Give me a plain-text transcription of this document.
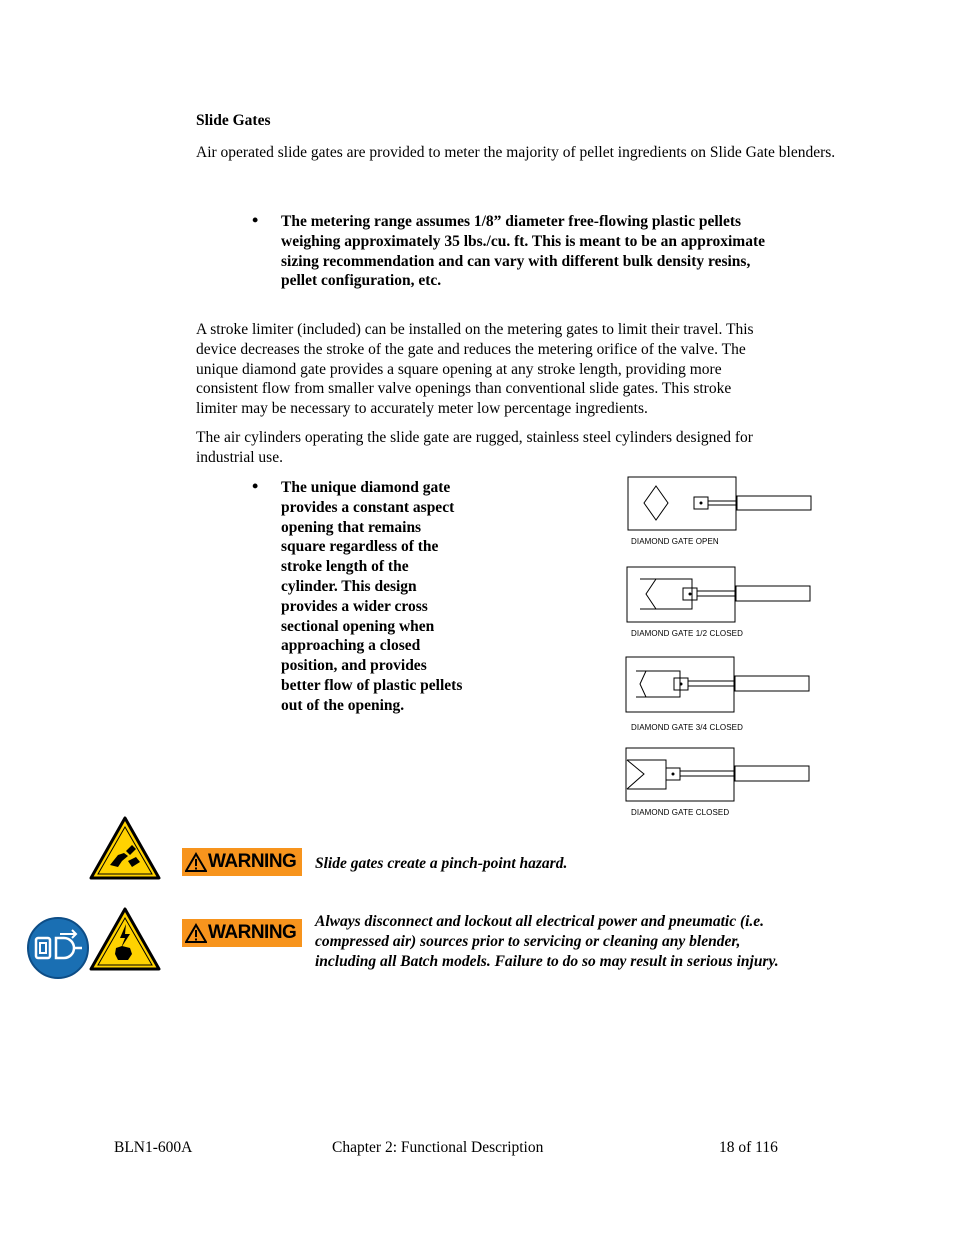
Slide Gates
Air operated slide gates are provided to meter the majority of pellet ingredients on Slide Gate blenders.
• The metering range assumes 1/8” diameter free-flowing plastic pellets
weighing approximately 35 lbs./cu. ft. This is meant to be an approximate
sizing recommendation and can vary with different bulk density resins,
pellet configuration, etc.
A stroke limiter (included) can be installed on the metering gates to limit their travel. This
device decreases the stroke of the gate and reduces the metering orifice of the valve. The
unique diamond gate provides a square opening at any stroke length, providing more
consistent flow from smaller valve openings than conventional slide gates. This stroke
limiter may be necessary to accurately meter low percentage ingredients.
The air cylinders operating the slide gate are rugged, stainless steel cylinders designed for
industrial use.
• The unique diamond gate
provides a constant aspect
opening that remains
square regardless of the
stroke length of the
cylinder. This design
provides a wider cross
sectional opening when
approaching a closed
position, and provides
better flow of plastic pellets
out of the opening.
DIAMOND GATE OPEN
DIAMOND GATE 1/2 CLOSED
DIAMOND GATE 3/4 CLOSED
DIAMOND GATE CLOSED
WARNING Slide gates create a pinch-point hazard.
WARNING
Always disconnect and lockout all electrical power and pneumatic (i.e.
compressed air) sources prior to servicing or cleaning any blender,
including all Batch models. Failure to do so may result in serious injury.
BLN1-600A	Chapter 2: Functional Description	18 of 116
